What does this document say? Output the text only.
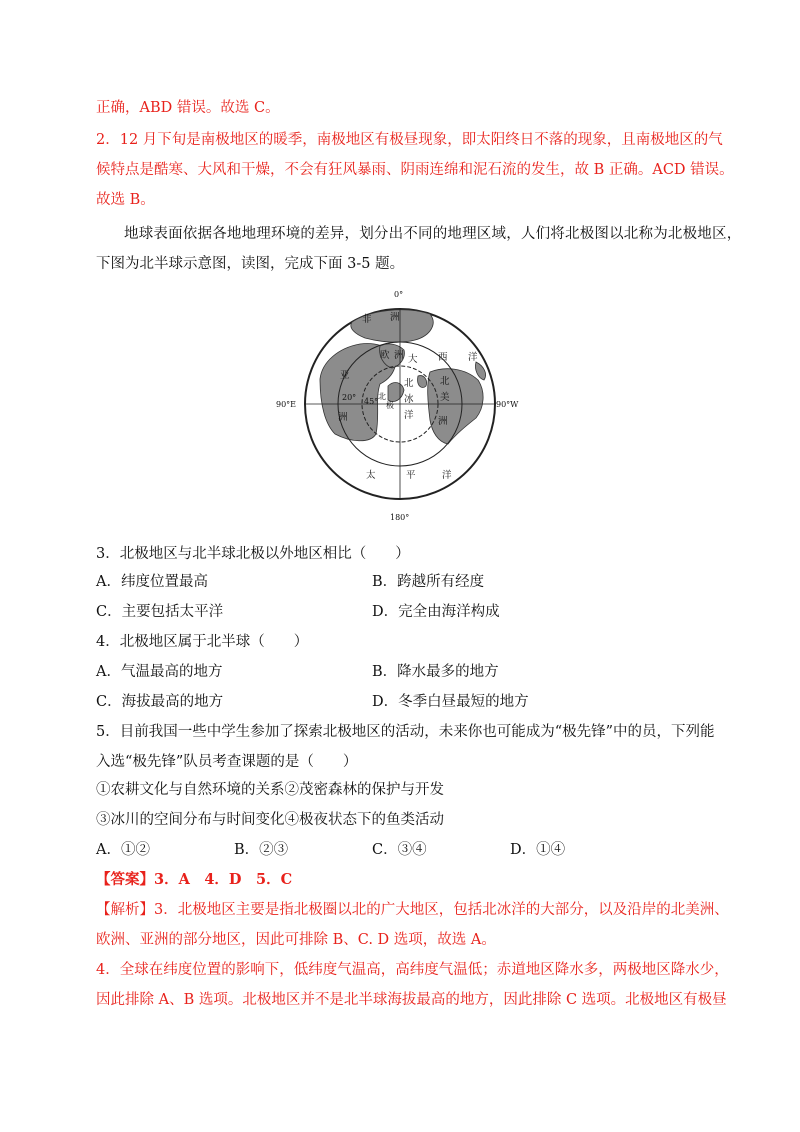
正确，ABD 错误。故选 C。
2．12 月下旬是南极地区的暖季，南极地区有极昼现象，即太阳终日不落的现象，且南极地区的气
候特点是酷寒、大风和干燥，不会有狂风暴雨、阴雨连绵和泥石流的发生，故 B 正确。ACD 错误。
故选 B。
地球表面依据各地地理环境的差异，划分出不同的地理区域，人们将北极图以北称为北极地区，
下图为北半球示意图，读图，完成下面 3-5 题。
0°
180°
90°E	90°W
20° 45°
非 洲
欧 洲 大 西 洋
亚
洲
北
冰
洋
北
极
北
美
洲
太	平	洋
3．北极地区与北半球北极以外地区相比（　　）
A．纬度位置最高	B．跨越所有经度
C．主要包括太平洋	D．完全由海洋构成
4．北极地区属于北半球（　　）
A．气温最高的地方	B．降水最多的地方
C．海拔最高的地方	D．冬季白昼最短的地方
5．目前我国一些中学生参加了探索北极地区的活动，未来你也可能成为“极先锋”中的员，下列能
入选“极先锋”队员考查课题的是（　　）
①农耕文化与自然环境的关系②茂密森林的保护与开发
③冰川的空间分布与时间变化④极夜状态下的鱼类活动
A．①②	B．②③	C．③④	D．①④
【答案】3．A　4．D　5．C
【解析】3．北极地区主要是指北极圈以北的广大地区，包括北冰洋的大部分，以及沿岸的北美洲、
欧洲、亚洲的部分地区，因此可排除 B、C. D 选项，故选 A。
4．全球在纬度位置的影响下，低纬度气温高，高纬度气温低；赤道地区降水多，两极地区降水少，
因此排除 A、B 选项。北极地区并不是北半球海拔最高的地方，因此排除 C 选项。北极地区有极昼
